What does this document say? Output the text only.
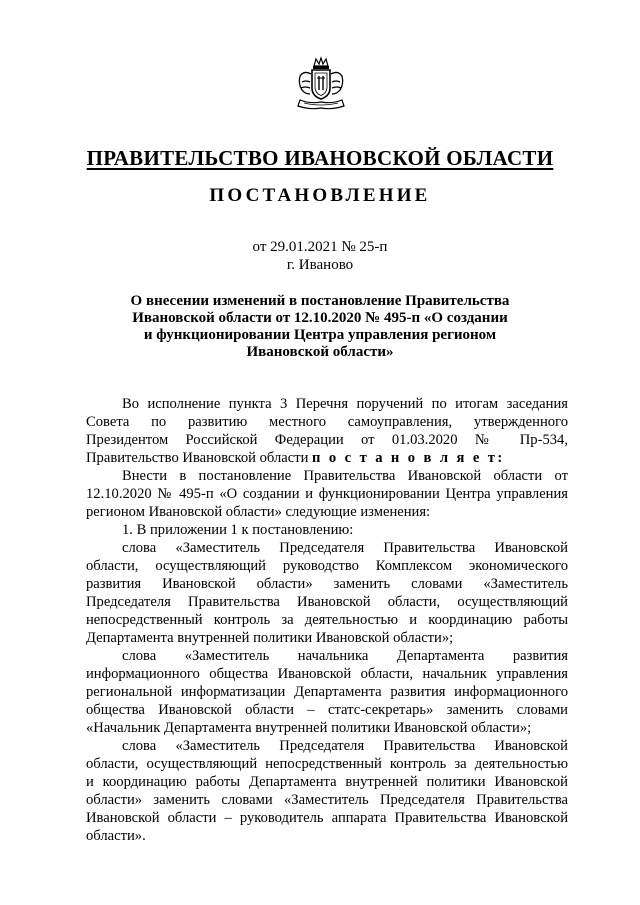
ПРАВИТЕЛЬСТВО ИВАНОВСКОЙ ОБЛАСТИ
ПОСТАНОВЛЕНИЕ
от 29.01.2021 № 25-п
г. Иваново
О внесении изменений в постановление Правительства
Ивановской области от 12.10.2020 № 495-п «О создании
и функционировании Центра управления регионом
Ивановской области»

Во исполнение пункта 3 Перечня поручений по итогам заседания

Совета по развитию местного самоуправления, утвержденного

Президентом Российской Федерации от 01.03.2020 № Пр-534,

Правительство Ивановской области п о с т а н о в л я е т:

Внести в постановление Правительства Ивановской области от

12.10.2020 № 495-п «О создании и функционировании Центра управления

регионом Ивановской области» следующие изменения:

1. В приложении 1 к постановлению:

слова «Заместитель Председателя Правительства Ивановской

области, осуществляющий руководство Комплексом экономического

развития Ивановской области» заменить словами «Заместитель

Председателя Правительства Ивановской области, осуществляющий

непосредственный контроль за деятельностью и координацию работы

Департамента внутренней политики Ивановской области»;

слова «Заместитель начальника Департамента развития

информационного общества Ивановской области, начальник управления

региональной информатизации Департамента развития информационного

общества Ивановской области – статс-секретарь» заменить словами

«Начальник Департамента внутренней политики Ивановской области»;

слова «Заместитель Председателя Правительства Ивановской

области, осуществляющий непосредственный контроль за деятельностью

и координацию работы Департамента внутренней политики Ивановской

области» заменить словами «Заместитель Председателя Правительства

Ивановской области – руководитель аппарата Правительства Ивановской

области».
